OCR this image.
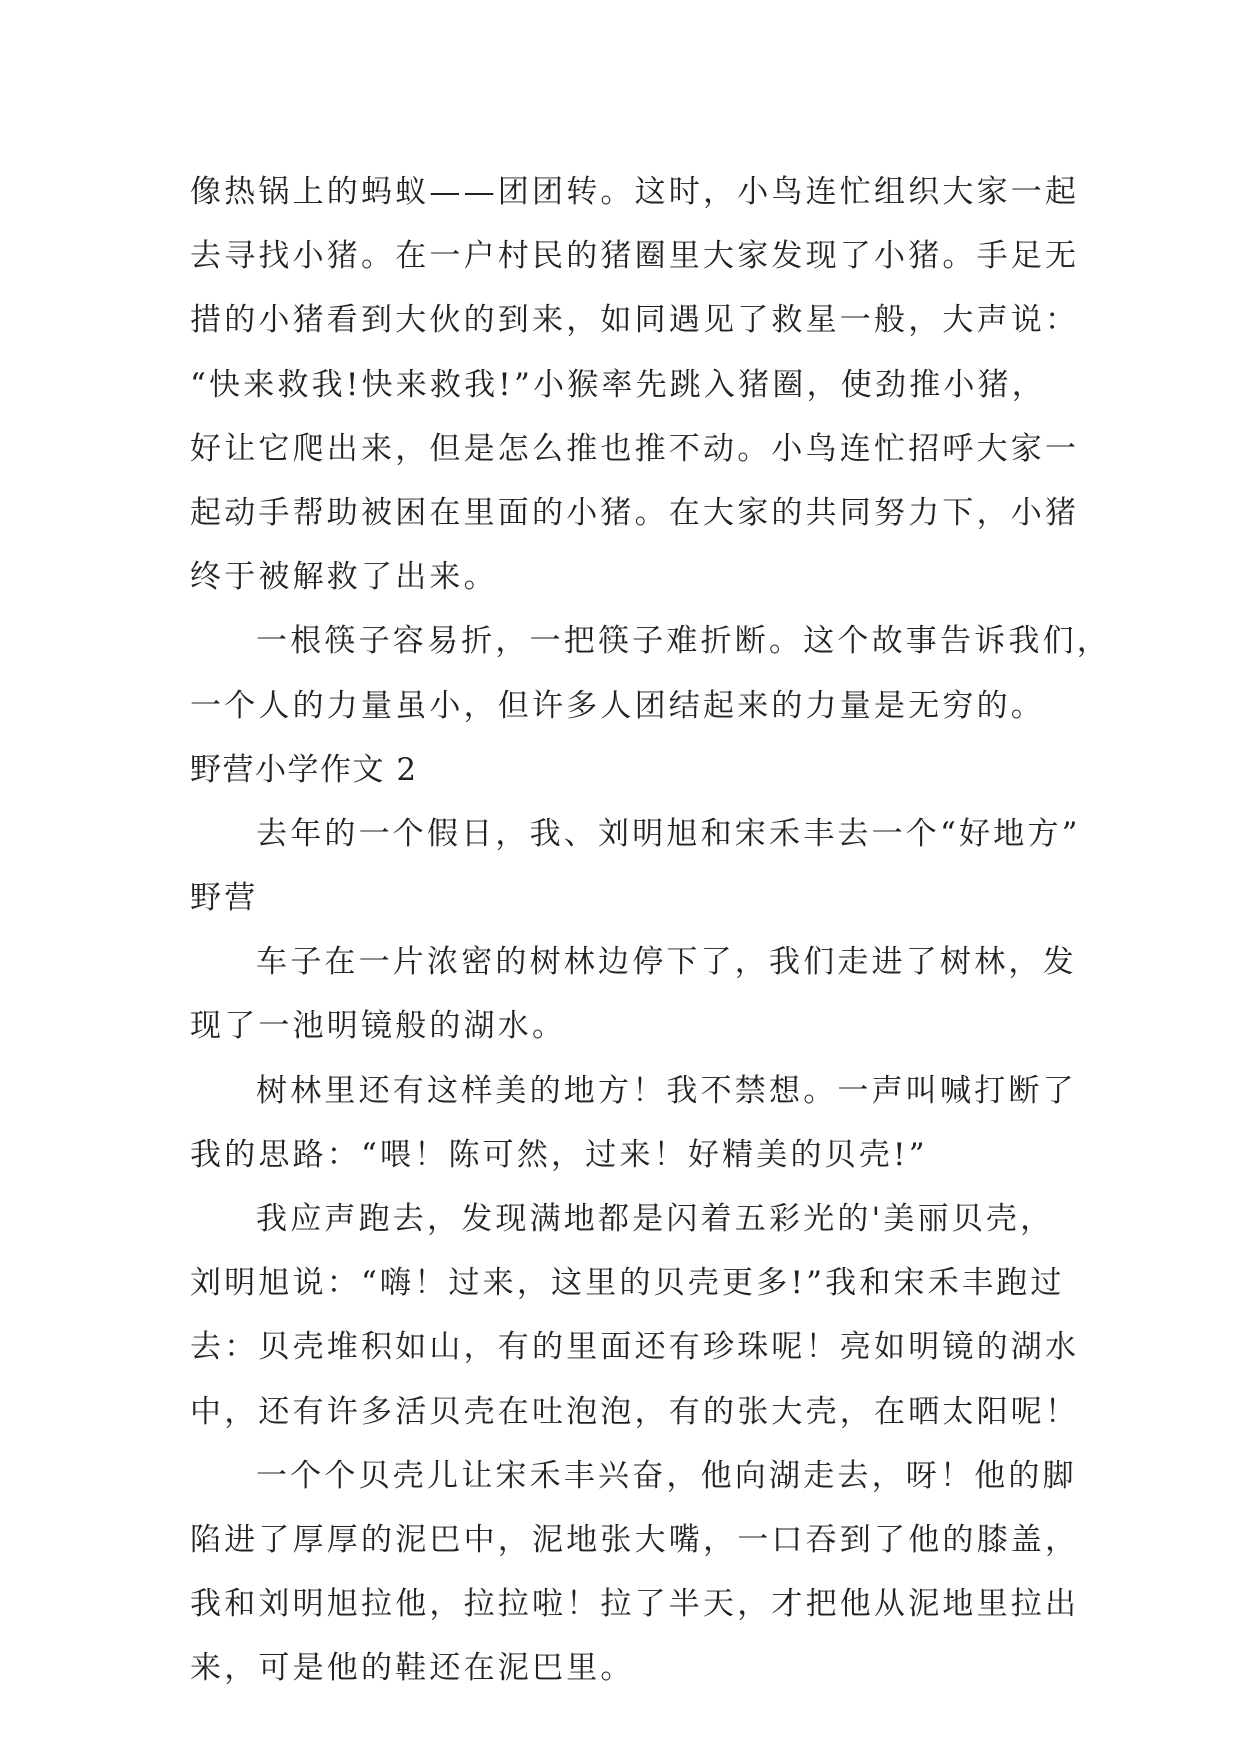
像热锅上的蚂蚁——团团转。这时，小鸟连忙组织大家一起
去寻找小猪。在一户村民的猪圈里大家发现了小猪。手足无
措的小猪看到大伙的到来，如同遇见了救星一般，大声说：
“快来救我!快来救我!”小猴率先跳入猪圈，使劲推小猪，
好让它爬出来，但是怎么推也推不动。小鸟连忙招呼大家一
起动手帮助被困在里面的小猪。在大家的共同努力下，小猪
终于被解救了出来。
一根筷子容易折，一把筷子难折断。这个故事告诉我们，
一个人的力量虽小，但许多人团结起来的力量是无穷的。
野营小学作文 2
去年的一个假日，我、刘明旭和宋禾丰去一个“好地方”
野营
车子在一片浓密的树林边停下了，我们走进了树林，发
现了一池明镜般的湖水。
树林里还有这样美的地方！我不禁想。一声叫喊打断了
我的思路：“喂！陈可然，过来！好精美的贝壳!”
我应声跑去，发现满地都是闪着五彩光的'美丽贝壳，
刘明旭说：“嗨！过来，这里的贝壳更多!”我和宋禾丰跑过
去：贝壳堆积如山，有的里面还有珍珠呢！亮如明镜的湖水
中，还有许多活贝壳在吐泡泡，有的张大壳，在晒太阳呢！
一个个贝壳儿让宋禾丰兴奋，他向湖走去，呀！他的脚
陷进了厚厚的泥巴中，泥地张大嘴，一口吞到了他的膝盖，
我和刘明旭拉他，拉拉啦！拉了半天，才把他从泥地里拉出
来，可是他的鞋还在泥巴里。
